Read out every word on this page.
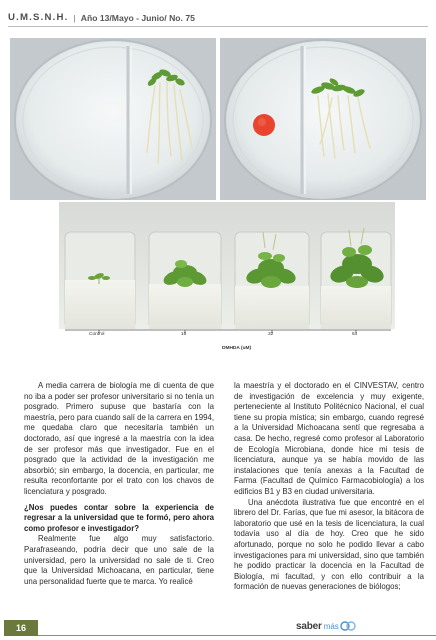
U.M.S.N.H. | Año 13/Mayo - Junio/ No. 75
Control	16	32	64
DMHDA (uM)

A media carrera de biología me di cuenta de que no iba a poder ser profesor universitario si no tenía un posgrado. Primero supuse que bastaría con la maestría, pero para cuando salí de la carrera en 1994, me quedaba claro que necesitaría también un doctorado, así que ingresé a la maestría con la idea de ser profesor más que investigador. Fue en el posgrado que la actividad de la investigación me absorbió; sin embargo, la docencia, en particular, me resulta reconfortante por el trato con los chavos de licenciatura y posgrado.

¿Nos puedes contar sobre la experiencia de regresar a la universidad que te formó, pero ahora como profesor e investigador?

Realmente fue algo muy satisfactorio. Parafraseando, podría decir que uno sale de la universidad, pero la universidad no sale de ti. Creo que la Universidad Michoacana, en particular, tiene una personalidad fuerte que te marca. Yo realicé

la maestría y el doctorado en el CINVESTAV, centro de investigación de excelencia y muy exigente, perteneciente al Instituto Politécnico Nacional, el cual tiene su propia mística; sin embargo, cuando regresé a la Universidad Michoacana sentí que regresaba a casa. De hecho, regresé como profesor al Laboratorio de Ecología Microbiana, donde hice mi tesis de licenciatura, aunque ya se había movido de las instalaciones que tenía anexas a la Facultad de Farma (Facultad de Químico Farmacobiología) a los edificios B1 y B3 en ciudad universitaria.

Una anécdota ilustrativa fue que encontré en el librero del Dr. Farías, que fue mi asesor, la bitácora de laboratorio que usé en la tesis de licenciatura, la cual todavía uso al día de hoy. Creo que he sido afortunado, porque no solo he podido llevar a cabo investigaciones para mi universidad, sino que también he podido practicar la docencia en la Facultad de Biología, mi facultad, y con ello contribuir a la formación de nuevas generaciones de biólogos;

16	saber más
